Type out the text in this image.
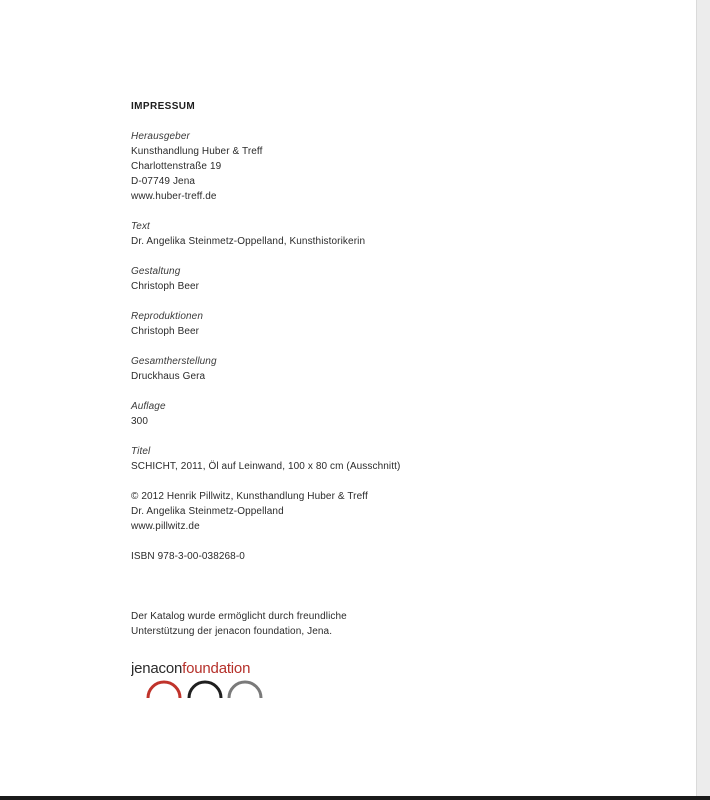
IMPRESSUM
Herausgeber
Kunsthandlung Huber & Treff
Charlottenstraße 19
D-07749 Jena
www.huber-treff.de
Text
Dr. Angelika Steinmetz-Oppelland, Kunsthistorikerin
Gestaltung
Christoph Beer
Reproduktionen
Christoph Beer
Gesamtherstellung
Druckhaus Gera
Auflage
300
Titel
SCHICHT, 2011, Öl auf Leinwand, 100 x 80 cm (Ausschnitt)
© 2012 Henrik Pillwitz, Kunsthandlung Huber & Treff
Dr. Angelika Steinmetz-Oppelland
www.pillwitz.de
ISBN 978-3-00-038268-0
Der Katalog wurde ermöglicht durch freundliche
Unterstützung der jenacon foundation, Jena.
jenaconfoundation
